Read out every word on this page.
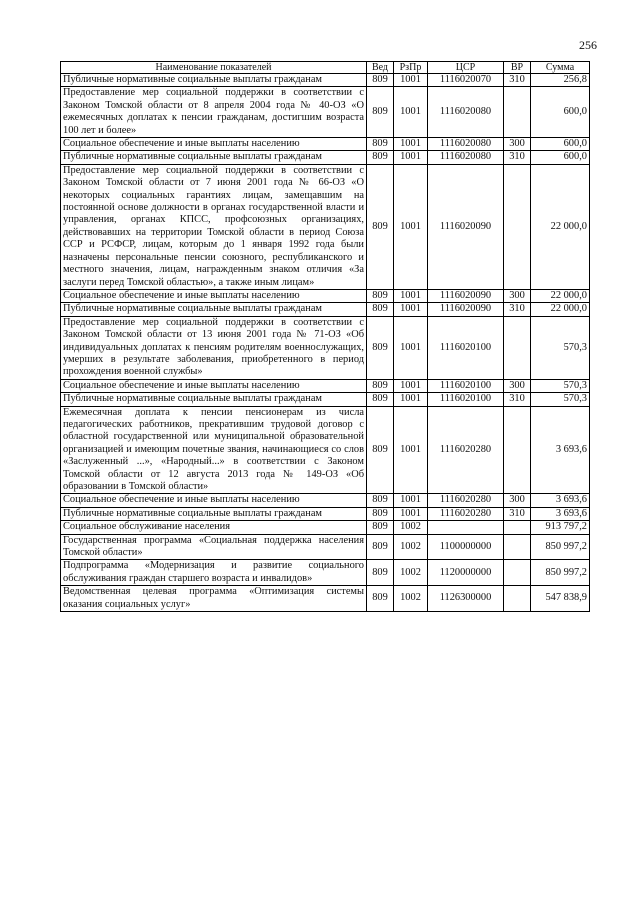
256
Наименование показателей	Вед	РзПр	ЦСР	ВР	Сумма
Публичные нормативные социальные выплаты гражданам	809	1001	1116020070	310	256,8
Предоставление мер социальной поддержки в соответствии с Законом Томской области от 8 апреля 2004 года № 40-ОЗ «О ежемесячных доплатах к пенсии гражданам, достигшим возраста 100 лет и более»	809	1001	1116020080		600,0
Социальное обеспечение и иные выплаты населению	809	1001	1116020080	300	600,0
Публичные нормативные социальные выплаты гражданам	809	1001	1116020080	310	600,0
Предоставление мер социальной поддержки в соответствии с Законом Томской области от 7 июня 2001 года № 66-ОЗ «О некоторых социальных гарантиях лицам, замещавшим на постоянной основе должности в органах государственной власти и управления, органах КПСС, профсоюзных организациях, действовавших на территории Томской области в период Союза ССР и РСФСР, лицам, которым до 1 января 1992 года были назначены персональные пенсии союзного, республиканского и местного значения, лицам, награжденным знаком отличия «За заслуги перед Томской областью», а также иным лицам»	809	1001	1116020090		22 000,0
Социальное обеспечение и иные выплаты населению	809	1001	1116020090	300	22 000,0
Публичные нормативные социальные выплаты гражданам	809	1001	1116020090	310	22 000,0
Предоставление мер социальной поддержки в соответствии с Законом Томской области от 13 июня 2001 года № 71-ОЗ «Об индивидуальных доплатах к пенсиям родителям военнослужащих, умерших в результате заболевания, приобретенного в период прохождения военной службы»	809	1001	1116020100		570,3
Социальное обеспечение и иные выплаты населению	809	1001	1116020100	300	570,3
Публичные нормативные социальные выплаты гражданам	809	1001	1116020100	310	570,3
Ежемесячная доплата к пенсии пенсионерам из числа педагогических работников, прекратившим трудовой договор с областной государственной или муниципальной образовательной организацией и имеющим почетные звания, начинающиеся со слов «Заслуженный ...», «Народный...» в соответствии с Законом Томской области от 12 августа 2013 года № 149-ОЗ «Об образовании в Томской области»	809	1001	1116020280		3 693,6
Социальное обеспечение и иные выплаты населению	809	1001	1116020280	300	3 693,6
Публичные нормативные социальные выплаты гражданам	809	1001	1116020280	310	3 693,6
Социальное обслуживание населения	809	1002			913 797,2
Государственная программа «Социальная поддержка населения Томской области»	809	1002	1100000000		850 997,2
Подпрограмма «Модернизация и развитие социального обслуживания граждан старшего возраста и инвалидов»	809	1002	1120000000		850 997,2
Ведомственная целевая программа «Оптимизация системы оказания социальных услуг»	809	1002	1126300000		547 838,9
